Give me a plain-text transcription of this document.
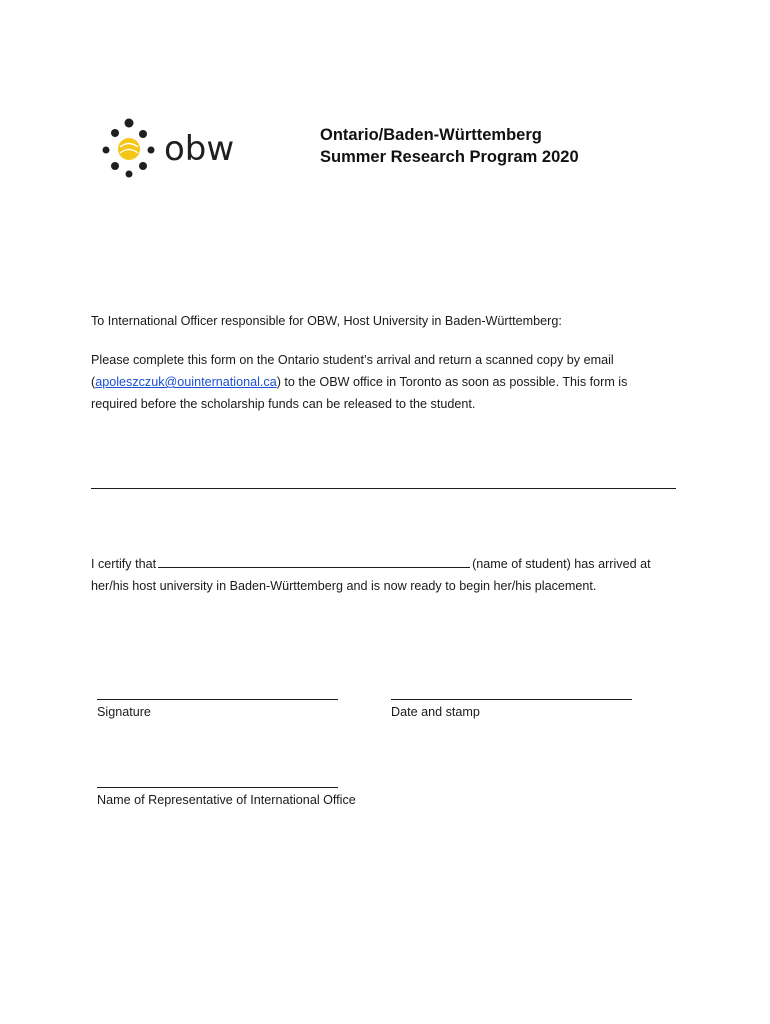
obw	Ontario/Baden-Württemberg
Summer Research Program 2020
To International Officer responsible for OBW, Host University in Baden-Württemberg:
Please complete this form on the Ontario student’s arrival and return a scanned copy by email
(apoleszczuk@ouinternational.ca) to the OBW office in Toronto as soon as possible. This form is
required before the scholarship funds can be released to the student.
I certify that	(name of student) has arrived at
her/his host university in Baden-Württemberg and is now ready to begin her/his placement.
Signature	Date and stamp
Name of Representative of International Office
